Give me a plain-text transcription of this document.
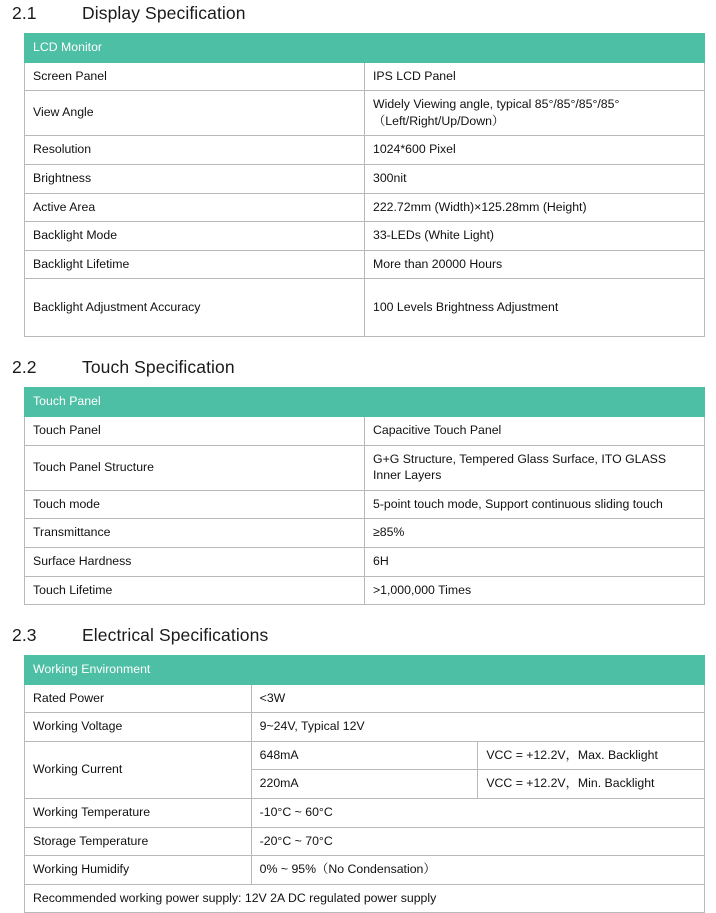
2.1	Display Specification
LCD Monitor	
Screen Panel	IPS LCD Panel
View Angle	Widely Viewing angle, typical 85°/85°/85°/85°（Left/Right/Up/Down）
Resolution	1024*600 Pixel
Brightness	300nit
Active Area	222.72mm (Width)×125.28mm (Height)
Backlight Mode	33-LEDs (White Light)
Backlight Lifetime	More than 20000 Hours
Backlight Adjustment Accuracy	100 Levels Brightness Adjustment
2.2	Touch Specification
Touch Panel	
Touch Panel	Capacitive Touch Panel
Touch Panel Structure	G+G Structure, Tempered Glass Surface, ITO GLASS Inner Layers
Touch mode	5-point touch mode, Support continuous sliding touch
Transmittance	≥85%
Surface Hardness	6H
Touch Lifetime	>1,000,000 Times
2.3	Electrical Specifications
Working Environment		
Rated Power	<3W	
Working Voltage	9~24V, Typical 12V	
Working Current	648mA	VCC = +12.2V，Max. Backlight
	220mA	VCC = +12.2V，Min. Backlight
Working Temperature	-10°C ~ 60°C	
Storage Temperature	-20°C ~ 70°C	
Working Humidify	0% ~ 95%（No Condensation）	
Recommended working power supply: 12V 2A DC regulated power supply		
